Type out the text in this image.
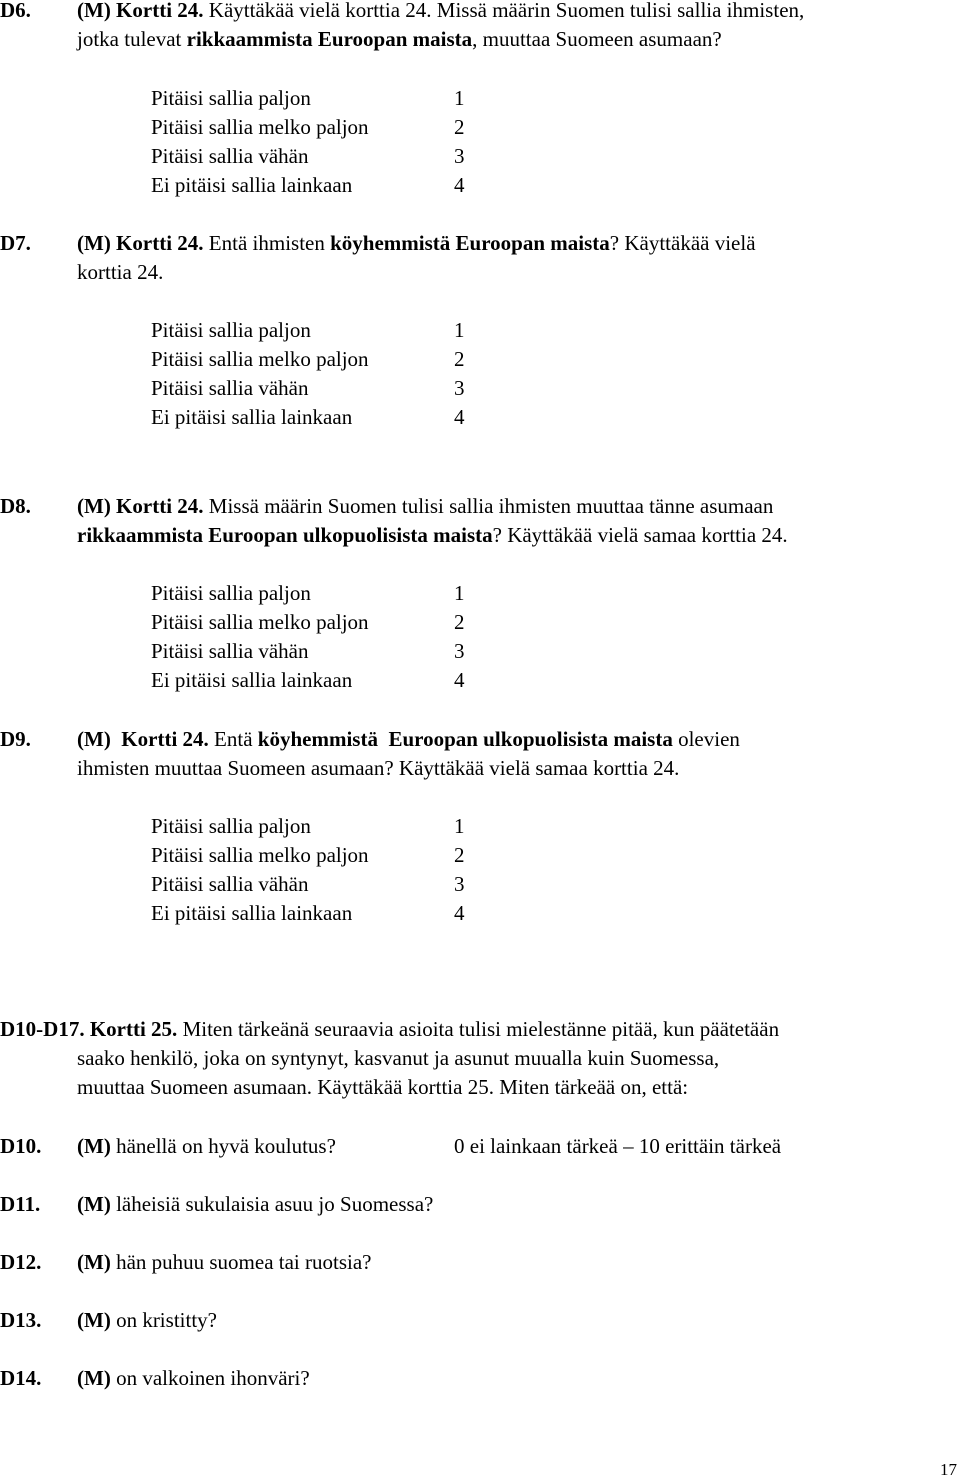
D6. (M) Kortti 24. Käyttäkää vielä korttia 24. Missä määrin Suomen tulisi sallia ihmisten,
jotka tulevat rikkaammista Euroopan maista, muuttaa Suomeen asumaan?
Pitäisi sallia paljon	1
Pitäisi sallia melko paljon	2
Pitäisi sallia vähän	3
Ei pitäisi sallia lainkaan	4
D7. (M) Kortti 24. Entä ihmisten köyhemmistä Euroopan maista? Käyttäkää vielä
korttia 24.
Pitäisi sallia paljon	1
Pitäisi sallia melko paljon	2
Pitäisi sallia vähän	3
Ei pitäisi sallia lainkaan	4
D8. (M) Kortti 24. Missä määrin Suomen tulisi sallia ihmisten muuttaa tänne asumaan
rikkaammista Euroopan ulkopuolisista maista? Käyttäkää vielä samaa korttia 24.
Pitäisi sallia paljon	1
Pitäisi sallia melko paljon	2
Pitäisi sallia vähän	3
Ei pitäisi sallia lainkaan	4
D9. (M)  Kortti 24. Entä köyhemmistä  Euroopan ulkopuolisista maista olevien
ihmisten muuttaa Suomeen asumaan? Käyttäkää vielä samaa korttia 24.
Pitäisi sallia paljon	1
Pitäisi sallia melko paljon	2
Pitäisi sallia vähän	3
Ei pitäisi sallia lainkaan	4
D10-D17. Kortti 25. Miten tärkeänä seuraavia asioita tulisi mielestänne pitää, kun päätetään
saako henkilö, joka on syntynyt, kasvanut ja asunut muualla kuin Suomessa,
muuttaa Suomeen asumaan. Käyttäkää korttia 25. Miten tärkeää on, että:
D10. (M) hänellä on hyvä koulutus?	0 ei lainkaan tärkeä – 10 erittäin tärkeä
D11. (M) läheisiä sukulaisia asuu jo Suomessa?
D12. (M) hän puhuu suomea tai ruotsia?
D13. (M) on kristitty?
D14. (M) on valkoinen ihonväri?
17
